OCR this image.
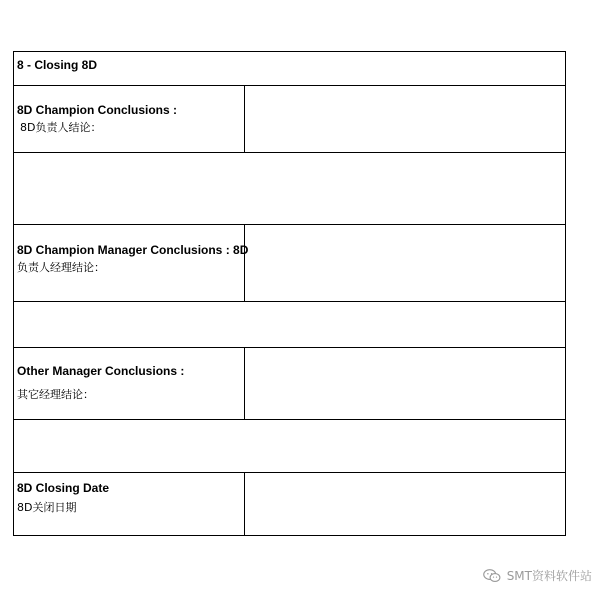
8 - Closing 8D
8D Champion Conclusions :
8D负责人结论：
8D Champion Manager Conclusions : 8D
负责人经理结论：
Other Manager Conclusions :
其它经理结论：
8D Closing Date
8D关闭日期
SMT资料软件站
